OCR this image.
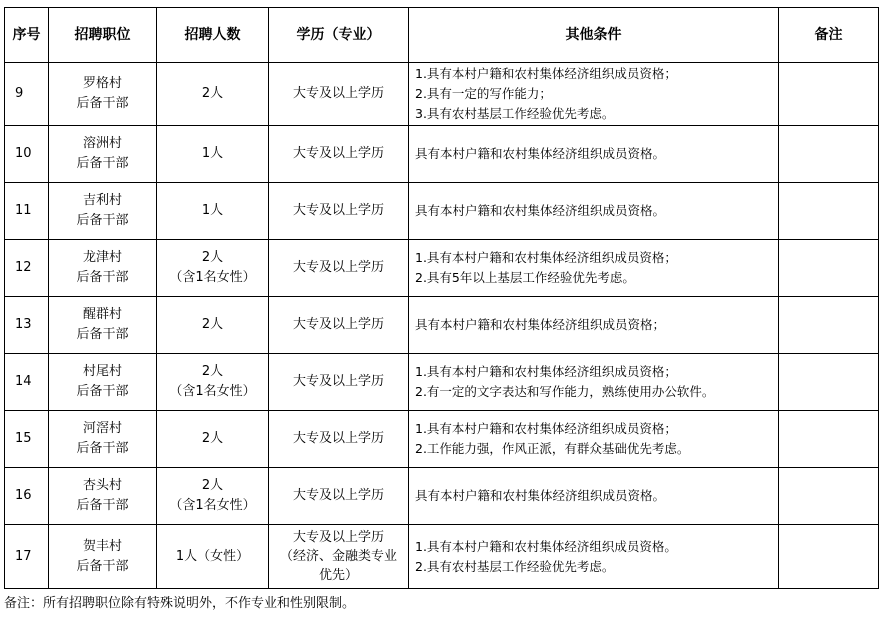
序号	招聘职位	招聘人数	学历（专业）	其他条件	备注
9	罗格村
后备干部	2人	大专及以上学历	1.具有本村户籍和农村集体经济组织成员资格；
2.具有一定的写作能力；
3.具有农村基层工作经验优先考虑。	

10	溶洲村
后备干部	1人	大专及以上学历	具有本村户籍和农村集体经济组织成员资格。	

11	吉利村
后备干部	1人	大专及以上学历	具有本村户籍和农村集体经济组织成员资格。	

12	龙津村
后备干部	2人
（含1名女性）	大专及以上学历	1.具有本村户籍和农村集体经济组织成员资格；
2.具有5年以上基层工作经验优先考虑。	

13	醒群村
后备干部	2人	大专及以上学历	具有本村户籍和农村集体经济组织成员资格；	

14	村尾村
后备干部	2人
（含1名女性）	大专及以上学历	1.具有本村户籍和农村集体经济组织成员资格；
2.有一定的文字表达和写作能力，熟练使用办公软件。	

15	河滘村
后备干部	2人	大专及以上学历	1.具有本村户籍和农村集体经济组织成员资格；
2.工作能力强，作风正派，有群众基础优先考虑。	

16	杏头村
后备干部	2人
（含1名女性）	大专及以上学历	具有本村户籍和农村集体经济组织成员资格。	

17	贺丰村
后备干部	1人（女性）	大专及以上学历
（经济、金融类专业
优先）	1.具有本村户籍和农村集体经济组织成员资格。
2.具有农村基层工作经验优先考虑。	

备注：所有招聘职位除有特殊说明外，不作专业和性别限制。
